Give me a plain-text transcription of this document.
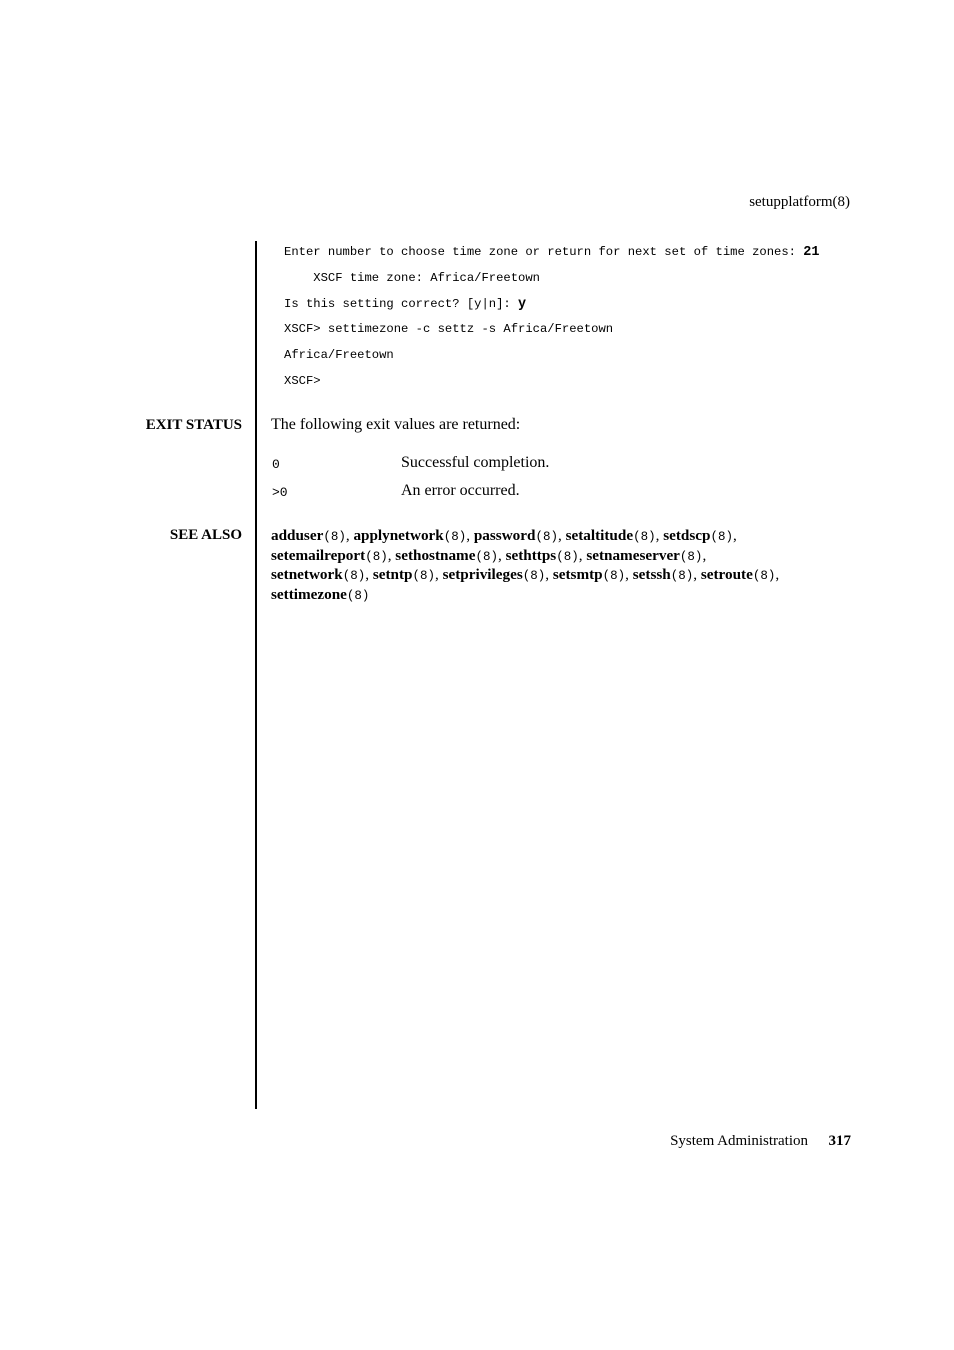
setupplatform(8)
Enter number to choose time zone or return for next set of time zones: 21
XSCF time zone: Africa/Freetown
Is this setting correct? [y|n]: y
XSCF> settimezone -c settz -s Africa/Freetown
Africa/Freetown
XSCF>
EXIT STATUS The following exit values are returned:
0	Successful completion.
>0	An error occurred.
SEE ALSO adduser(8), applynetwork(8), password(8), setaltitude(8), setdscp(8),
setemailreport(8), sethostname(8), sethttps(8), setnameserver(8),
setnetwork(8), setntp(8), setprivileges(8), setsmtp(8), setssh(8), setroute(8),
settimezone(8)
System Administration 317
